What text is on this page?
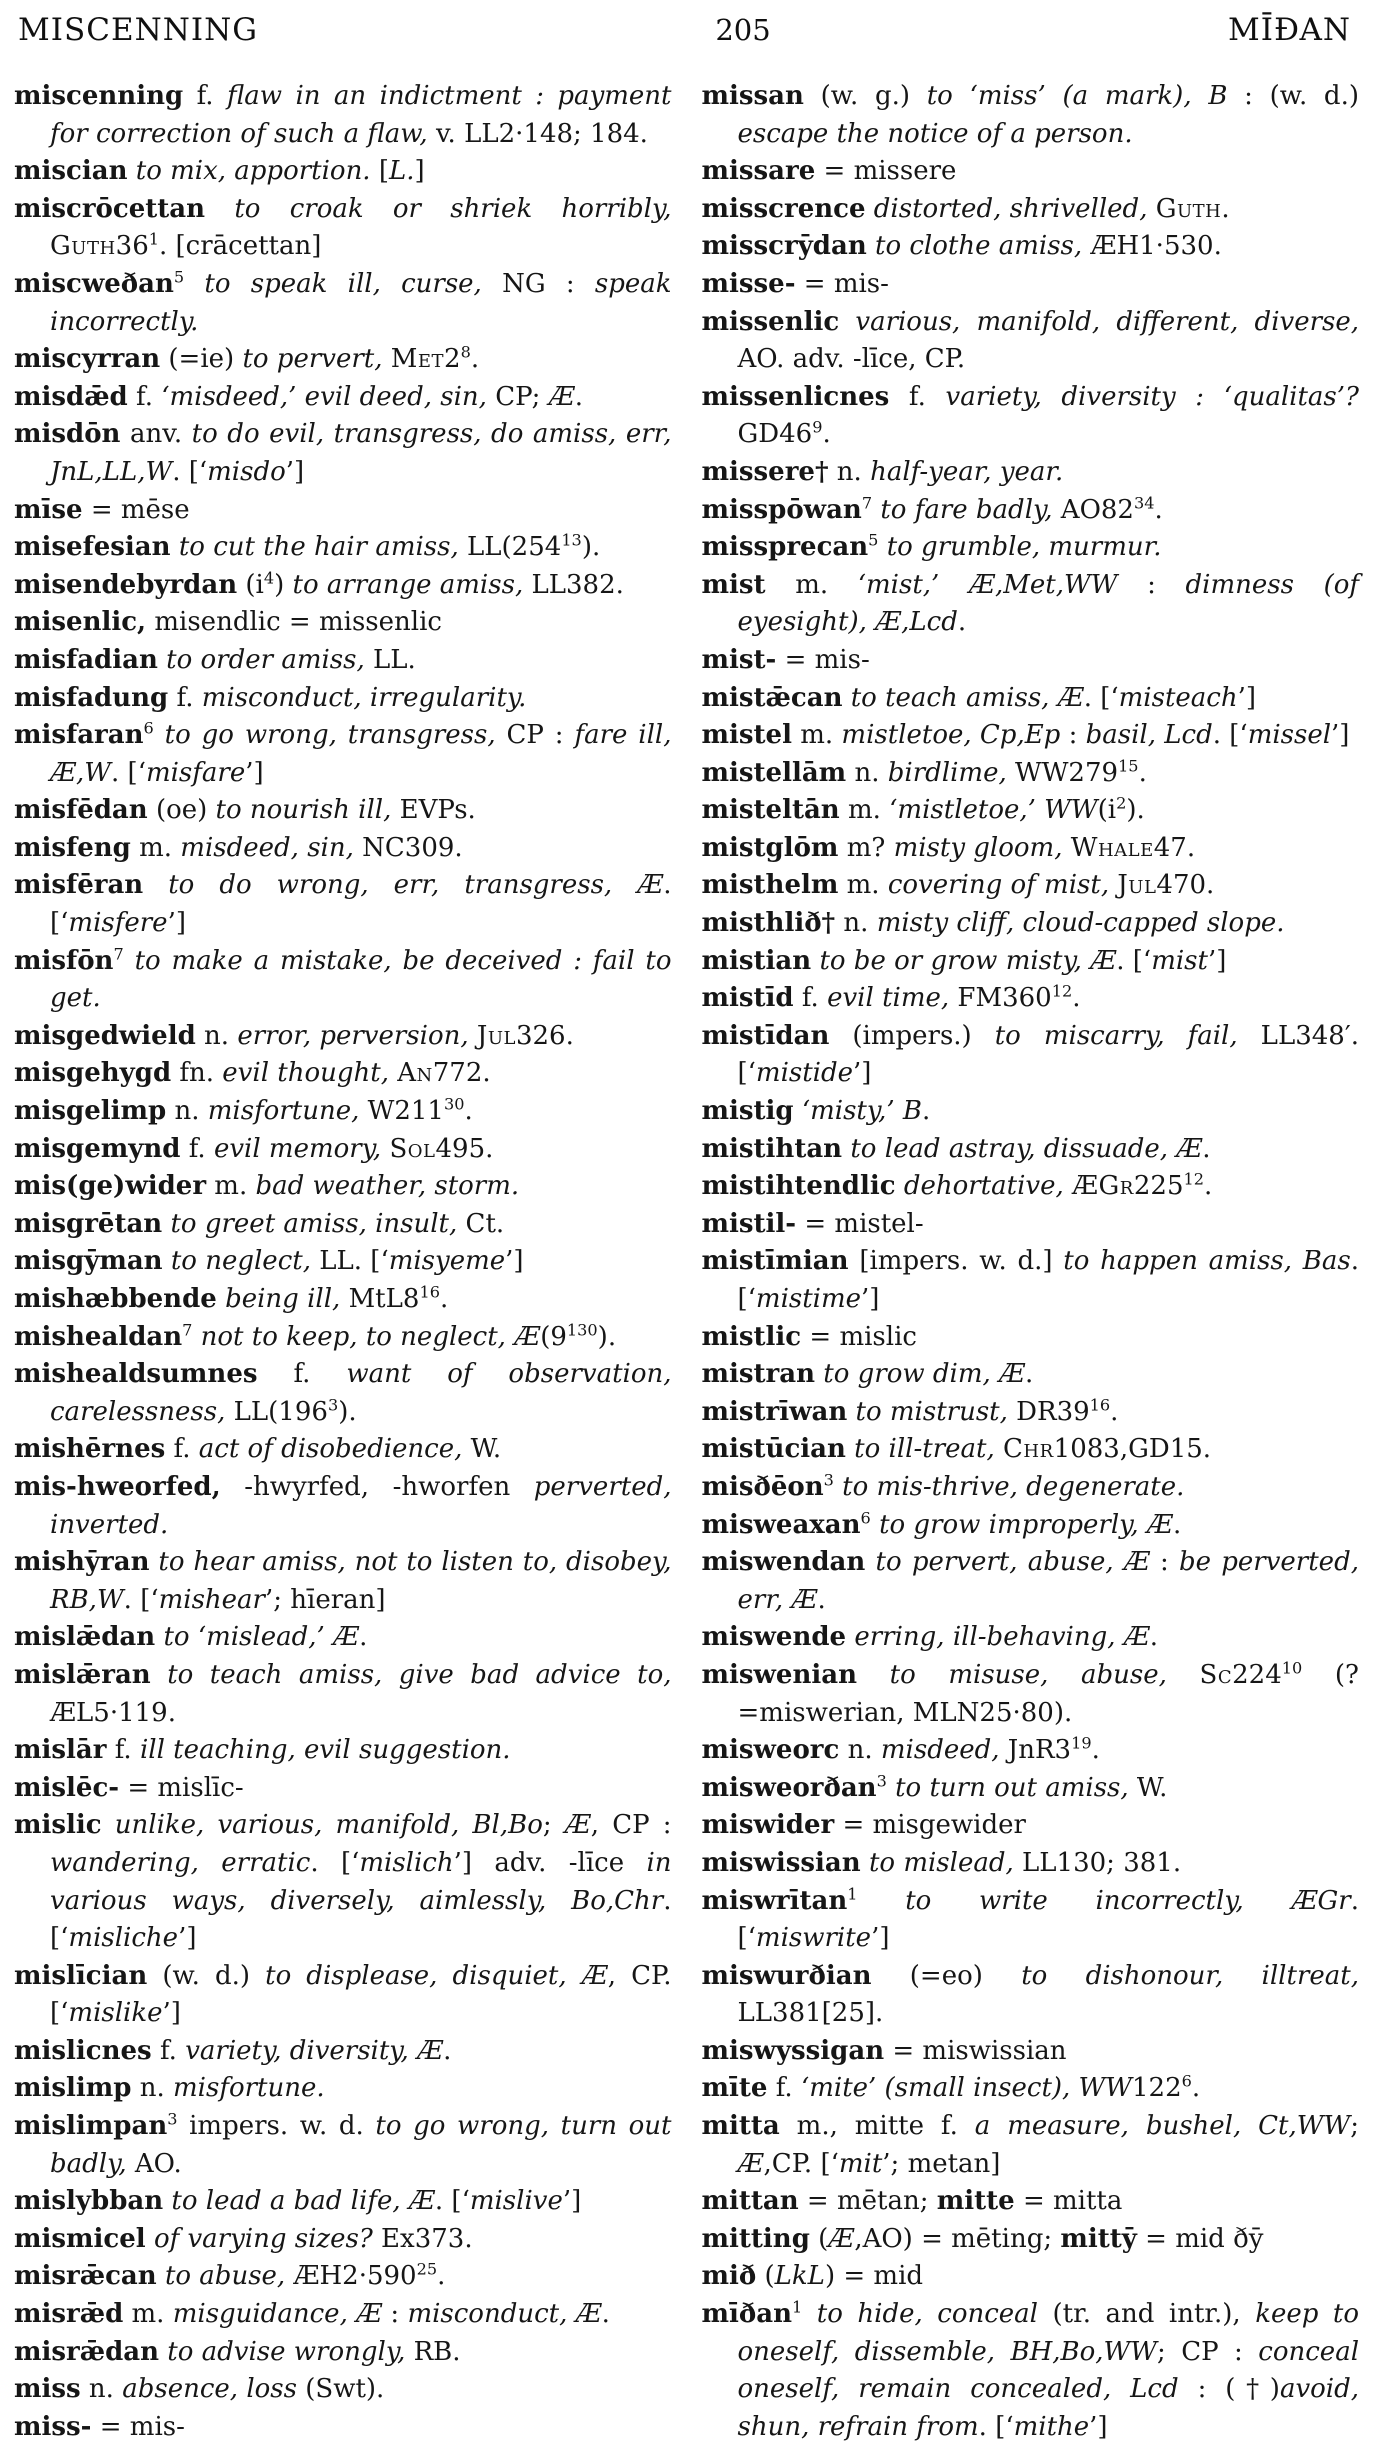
MISCENNING	205	MĪÐAN

miscenning f. flaw in an indictment : payment for correction of such a flaw, v. LL2·148; 184.

miscian to mix, apportion. [L.]

miscrōcettan to croak or shriek horribly, $Guth36^1$. [crācettan]

miscweðan$^5$ to speak ill, curse, NG : speak incorrectly.

miscyrran (=ie) to pervert, $Met2^8$.

misdǣd f. ‘misdeed,’ evil deed, sin, CP; Æ.

misdōn anv. to do evil, transgress, do amiss, err, JnL,LL,W. [‘misdo’]

mīse = mēse

misefesian to cut the hair amiss, $LL(254^{13})$.

misendebyrdan $(i^4)$ to arrange amiss, LL382.

misenlic, misendlic = missenlic

misfadian to order amiss, LL.

misfadung f. misconduct, irregularity.

misfaran$^6$ to go wrong, transgress, CP : fare ill, Æ,W. [‘misfare’]

misfēdan (oe) to nourish ill, EVPs.

misfeng m. misdeed, sin, NC309.

misfēran to do wrong, err, transgress, Æ. [‘misfere’]

misfōn$^7$ to make a mistake, be deceived : fail to get.

misgedwield n. error, perversion, Jul326.

misgehygd fn. evil thought, An772.

misgelimp n. misfortune, $W211^{30}$.

misgemynd f. evil memory, Sol495.

mis(ge)wider m. bad weather, storm.

misgrētan to greet amiss, insult, Ct.

misgȳman to neglect, LL. [‘misyeme’]

mishæbbende being ill, $MtL8^{16}$.

mishealdan$^7$ not to keep, to neglect, $Æ(9^{130})$.

mishealdsumnes f. want of observation, carelessness, $LL(196^3)$.

mishērnes f. act of disobedience, W.

mis-hweorfed, -hwyrfed, -hworfen perverted, inverted.

mishȳran to hear amiss, not to listen to, disobey, RB,W. [‘mishear’; hīeran]

mislǣdan to ‘mislead,’ Æ.

mislǣran to teach amiss, give bad advice to, ÆL5·119.

mislār f. ill teaching, evil suggestion.

mislēc- = mislīc-

mislic unlike, various, manifold, Bl,Bo; Æ, CP : wandering, erratic. [‘mislich’] adv. -līce in various ways, diversely, aimlessly, Bo,Chr. [‘misliche’]

mislīcian (w. d.) to displease, disquiet, Æ, CP. [‘mislike’]

mislicnes f. variety, diversity, Æ.

mislimp n. misfortune.

mislimpan$^3$ impers. w. d. to go wrong, turn out badly, AO.

mislybban to lead a bad life, Æ. [‘mislive’]

mismicel of varying sizes? Ex373.

misrǣcan to abuse, $ÆH2\cdot 590^{25}$.

misrǣd m. misguidance, Æ : misconduct, Æ.

misrǣdan to advise wrongly, RB.

miss n. absence, loss (Swt).

miss- = mis-

missan (w. g.) to ‘miss’ (a mark), B : (w. d.) escape the notice of a person.

missare = missere

misscrence distorted, shrivelled, Guth.

misscrȳdan to clothe amiss, ÆH1·530.

misse- = mis-

missenlic various, manifold, different, diverse, AO. adv. -līce, CP.

missenlicnes f. variety, diversity : ‘qualitas’? $GD46^9$.

missere† n. half-year, year.

misspōwan$^7$ to fare badly, $AO82^{34}$.

missprecan$^5$ to grumble, murmur.

mist m. ‘mist,’ Æ,Met,WW : dimness (of eyesight), Æ,Lcd.

mist- = mis-

mistǣcan to teach amiss, Æ. [‘misteach’]

mistel m. mistletoe, Cp,Ep : basil, Lcd. [‘missel’]

mistellām n. birdlime, $WW279^{15}$.

misteltān m. ‘mistletoe,’ $WW(i^2)$.

mistglōm m? misty gloom, Whale47.

misthelm m. covering of mist, Jul470.

misthlið† n. misty cliff, cloud-capped slope.

mistian to be or grow misty, Æ. [‘mist’]

mistīd f. evil time, $FM360^{12}$.

mistīdan (impers.) to miscarry, fail, LL348′. [‘mistide’]

mistig ‘misty,’ B.

mistihtan to lead astray, dissuade, Æ.

mistihtendlic dehortative, $ÆGr225^{12}$.

mistil- = mistel-

mistīmian [impers. w. d.] to happen amiss, Bas. [‘mistime’]

mistlic = mislic

mistran to grow dim, Æ.

mistrīwan to mistrust, $DR39^{16}$.

mistūcian to ill-treat, Chr1083,GD15.

misðēon$^3$ to mis-thrive, degenerate.

misweaxan$^6$ to grow improperly, Æ.

miswendan to pervert, abuse, Æ : be perverted, err, Æ.

miswende erring, ill-behaving, Æ.

miswenian to misuse, abuse, $Sc224^{10}$ (?=miswerian, MLN25·80).

misweorc n. misdeed, $JnR3^{19}$.

misweorðan$^3$ to turn out amiss, W.

miswider = misgewider

miswissian to mislead, LL130; 381.

miswrītan$^1$ to write incorrectly, ÆGr. [‘miswrite’]

miswurðian (=eo) to dishonour, illtreat, LL381[25].

miswyssigan = miswissian

mīte f. ‘mite’ (small insect), $WW122^6$.

mitta m., mitte f. a measure, bushel, Ct,WW; Æ,CP. [‘mit’; metan]

mittan = mētan; mitte = mitta

mitting (Æ,AO) = mēting; mittȳ = mid ðȳ

mið (LkL) = mid

mīðan$^1$ to hide, conceal (tr. and intr.), keep to oneself, dissemble, BH,Bo,WW; CP : conceal oneself, remain concealed, Lcd : (†)avoid, shun, refrain from. [‘mithe’]
